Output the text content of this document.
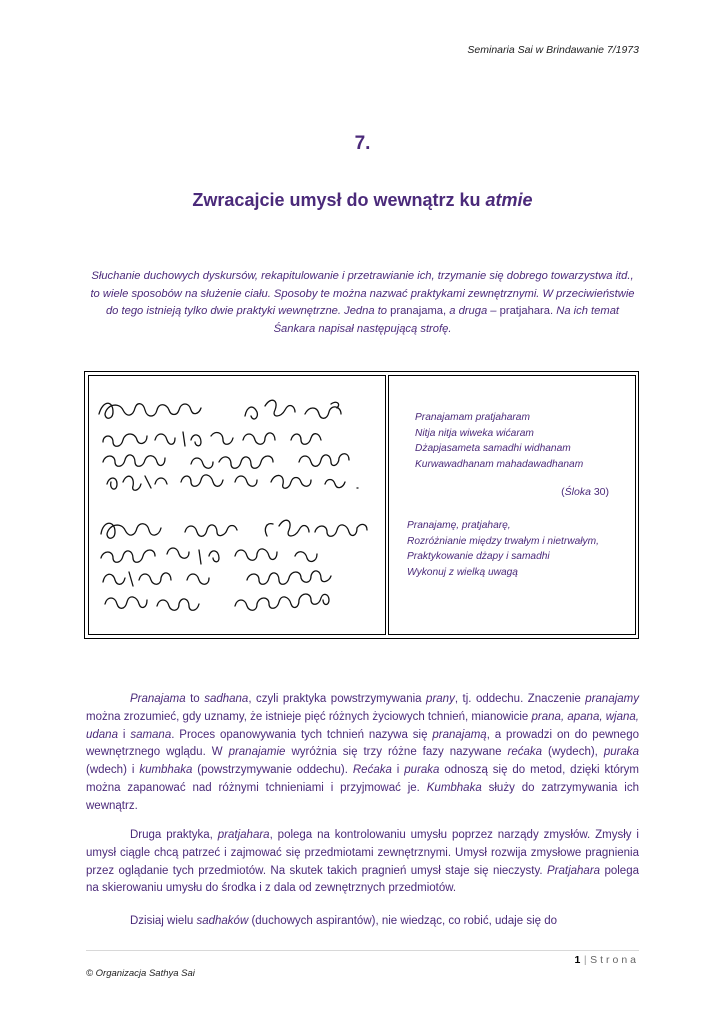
Seminaria Sai w Brindawanie 7/1973
7.
Zwracajcie umysł do wewnątrz ku atmie
Słuchanie duchowych dyskursów, rekapitulowanie i przetrawianie ich, trzymanie się dobrego towarzystwa itd., to wiele sposobów na służenie ciału. Sposoby te można nazwać praktykami zewnętrznymi. W przeciwieństwie do tego istnieją tylko dwie praktyki wewnętrzne. Jedna to pranajama, a druga – pratjahara. Na ich temat Śankara napisał następującą strofę.
Pranajamam pratjaharam
Nitja nitja wiweka wićaram
Dżapjasameta samadhi widhanam
Kurwawadhanam mahadawadhanam
(Śloka 30)
Pranajamę, pratjaharę,
Rozróżnianie między trwałym i nietrwałym,
Praktykowanie dżapy i samadhi
Wykonuj z wielką uwagą

Pranajama to sadhana, czyli praktyka powstrzymywania prany, tj. oddechu. Znaczenie pranajamy można zrozumieć, gdy uznamy, że istnieje pięć różnych życiowych tchnień, mianowicie prana, apana, wjana, udana i samana. Proces opanowywania tych tchnień nazywa się pranajamą, a prowadzi on do pewnego wewnętrznego wglądu. W pranajamie wyróżnia się trzy różne fazy nazywane rećaka (wydech), puraka (wdech) i kumbhaka (powstrzymywanie oddechu). Rećaka i puraka odnoszą się do metod, dzięki którym można zapanować nad różnymi tchnieniami i przyjmować je. Kumbhaka służy do zatrzymywania ich wewnątrz.

Druga praktyka, pratjahara, polega na kontrolowaniu umysłu poprzez narządy zmysłów. Zmysły i umysł ciągle chcą patrzeć i zajmować się przedmiotami zewnętrznymi. Umysł rozwija zmysłowe pragnienia przez oglądanie tych przedmiotów. Na skutek takich pragnień umysł staje się nieczysty. Pratjahara polega na skierowaniu umysłu do środka i z dala od zewnętrznych przedmiotów.

Dzisiaj wielu sadhaków (duchowych aspirantów), nie wiedząc, co robić, udaje się do

1 | Strona
© Organizacja Sathya Sai
